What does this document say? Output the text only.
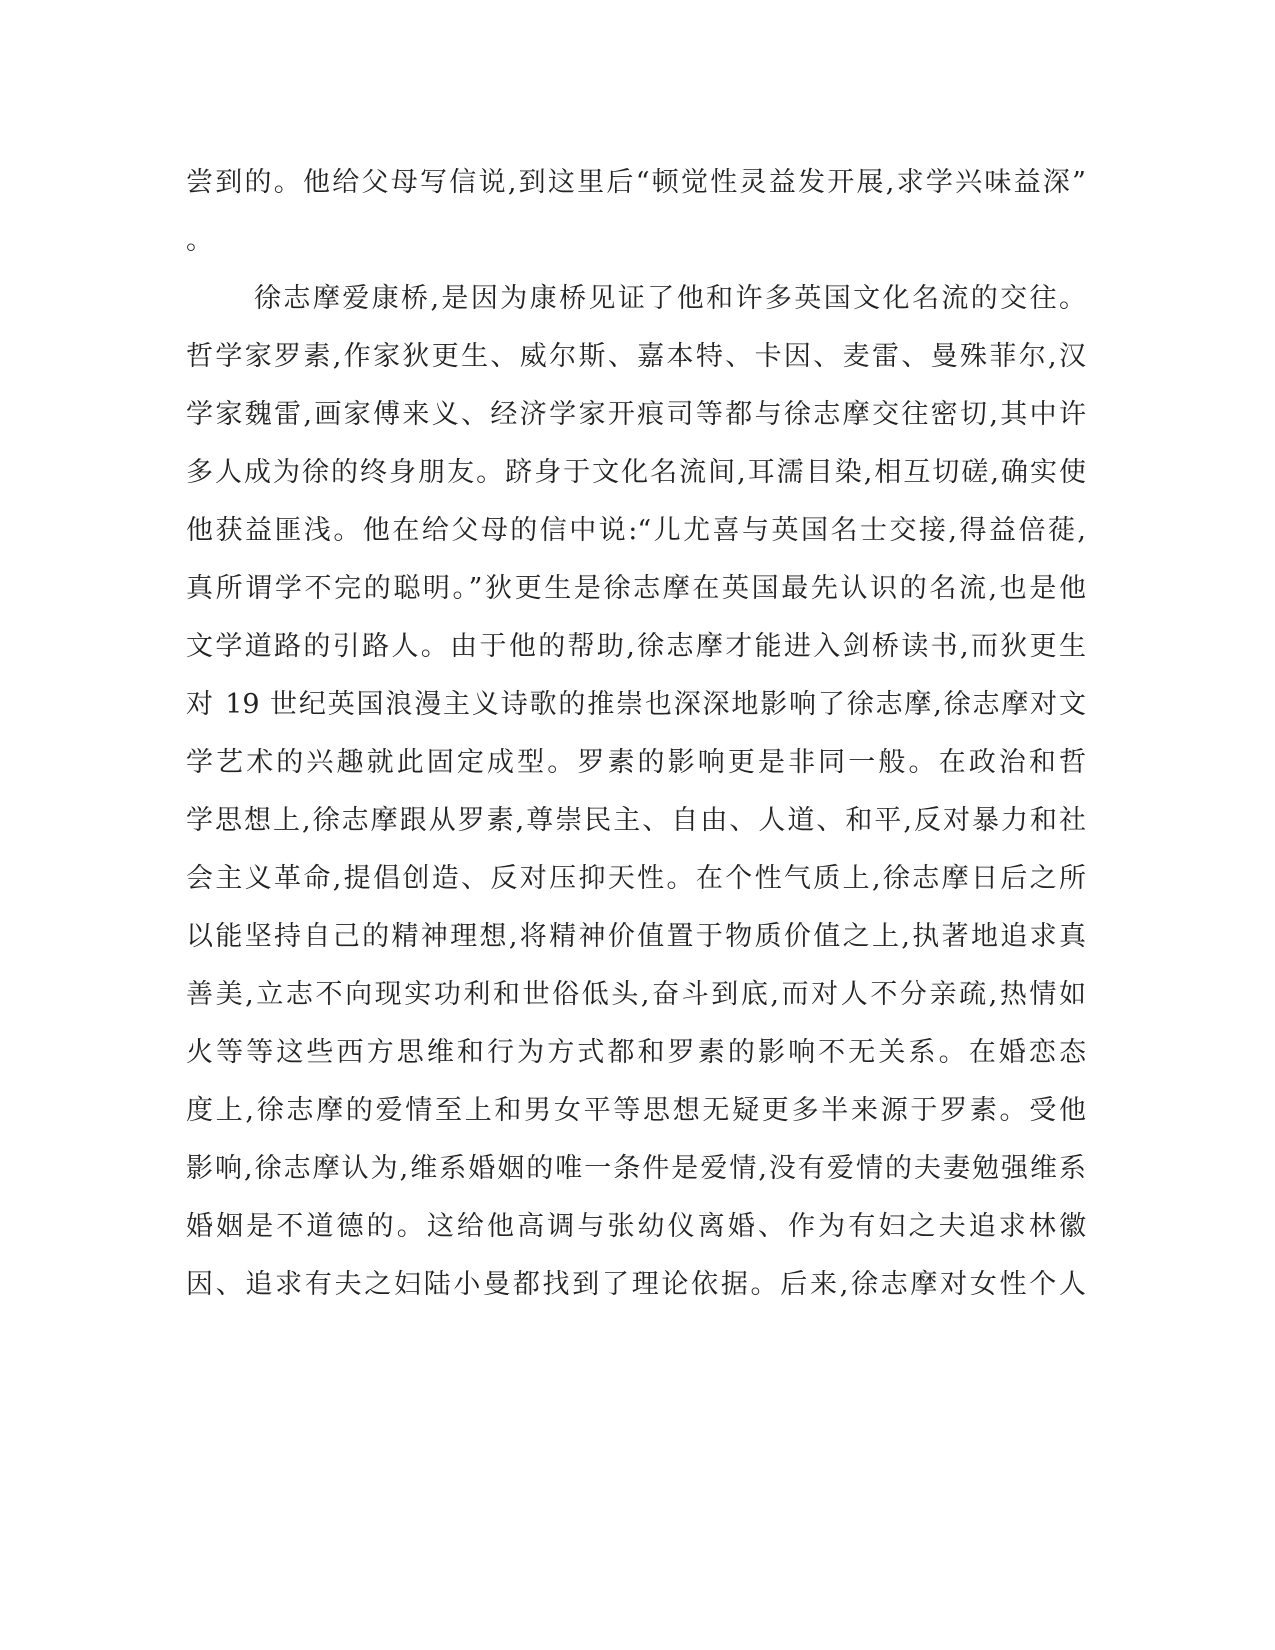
尝到的。他给父母写信说,到这里后“顿觉性灵益发开展,求学兴味益深”
。
徐志摩爱康桥,是因为康桥见证了他和许多英国文化名流的交往。
哲学家罗素,作家狄更生、威尔斯、嘉本特、卡因、麦雷、曼殊菲尔,汉
学家魏雷,画家傅来义、经济学家开痕司等都与徐志摩交往密切,其中许
多人成为徐的终身朋友。跻身于文化名流间,耳濡目染,相互切磋,确实使
他获益匪浅。他在给父母的信中说:“儿尤喜与英国名士交接,得益倍蓰,
真所谓学不完的聪明。”狄更生是徐志摩在英国最先认识的名流,也是他
文学道路的引路人。由于他的帮助,徐志摩才能进入剑桥读书,而狄更生
对 19 世纪英国浪漫主义诗歌的推崇也深深地影响了徐志摩,徐志摩对文
学艺术的兴趣就此固定成型。罗素的影响更是非同一般。在政治和哲
学思想上,徐志摩跟从罗素,尊崇民主、自由、人道、和平,反对暴力和社
会主义革命,提倡创造、反对压抑天性。在个性气质上,徐志摩日后之所
以能坚持自己的精神理想,将精神价值置于物质价值之上,执著地追求真
善美,立志不向现实功利和世俗低头,奋斗到底,而对人不分亲疏,热情如
火等等这些西方思维和行为方式都和罗素的影响不无关系。在婚恋态
度上,徐志摩的爱情至上和男女平等思想无疑更多半来源于罗素。受他
影响,徐志摩认为,维系婚姻的唯一条件是爱情,没有爱情的夫妻勉强维系
婚姻是不道德的。这给他高调与张幼仪离婚、作为有妇之夫追求林徽
因、追求有夫之妇陆小曼都找到了理论依据。后来,徐志摩对女性个人
